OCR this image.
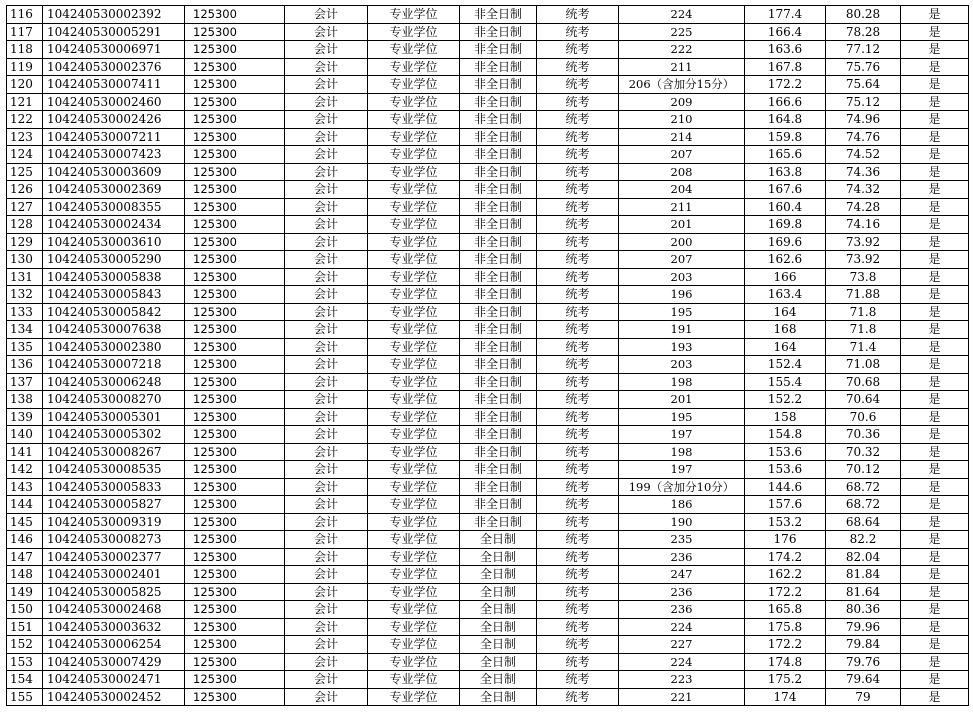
116	104240530002392	125300	会计	专业学位	非全日制	统考	224	177.4	80.28	是
117	104240530005291	125300	会计	专业学位	非全日制	统考	225	166.4	78.28	是
118	104240530006971	125300	会计	专业学位	非全日制	统考	222	163.6	77.12	是
119	104240530002376	125300	会计	专业学位	非全日制	统考	211	167.8	75.76	是
120	104240530007411	125300	会计	专业学位	非全日制	统考	206（含加分15分）	172.2	75.64	是
121	104240530002460	125300	会计	专业学位	非全日制	统考	209	166.6	75.12	是
122	104240530002426	125300	会计	专业学位	非全日制	统考	210	164.8	74.96	是
123	104240530007211	125300	会计	专业学位	非全日制	统考	214	159.8	74.76	是
124	104240530007423	125300	会计	专业学位	非全日制	统考	207	165.6	74.52	是
125	104240530003609	125300	会计	专业学位	非全日制	统考	208	163.8	74.36	是
126	104240530002369	125300	会计	专业学位	非全日制	统考	204	167.6	74.32	是
127	104240530008355	125300	会计	专业学位	非全日制	统考	211	160.4	74.28	是
128	104240530002434	125300	会计	专业学位	非全日制	统考	201	169.8	74.16	是
129	104240530003610	125300	会计	专业学位	非全日制	统考	200	169.6	73.92	是
130	104240530005290	125300	会计	专业学位	非全日制	统考	207	162.6	73.92	是
131	104240530005838	125300	会计	专业学位	非全日制	统考	203	166	73.8	是
132	104240530005843	125300	会计	专业学位	非全日制	统考	196	163.4	71.88	是
133	104240530005842	125300	会计	专业学位	非全日制	统考	195	164	71.8	是
134	104240530007638	125300	会计	专业学位	非全日制	统考	191	168	71.8	是
135	104240530002380	125300	会计	专业学位	非全日制	统考	193	164	71.4	是
136	104240530007218	125300	会计	专业学位	非全日制	统考	203	152.4	71.08	是
137	104240530006248	125300	会计	专业学位	非全日制	统考	198	155.4	70.68	是
138	104240530008270	125300	会计	专业学位	非全日制	统考	201	152.2	70.64	是
139	104240530005301	125300	会计	专业学位	非全日制	统考	195	158	70.6	是
140	104240530005302	125300	会计	专业学位	非全日制	统考	197	154.8	70.36	是
141	104240530008267	125300	会计	专业学位	非全日制	统考	198	153.6	70.32	是
142	104240530008535	125300	会计	专业学位	非全日制	统考	197	153.6	70.12	是
143	104240530005833	125300	会计	专业学位	非全日制	统考	199（含加分10分）	144.6	68.72	是
144	104240530005827	125300	会计	专业学位	非全日制	统考	186	157.6	68.72	是
145	104240530009319	125300	会计	专业学位	非全日制	统考	190	153.2	68.64	是
146	104240530008273	125300	会计	专业学位	全日制	统考	235	176	82.2	是
147	104240530002377	125300	会计	专业学位	全日制	统考	236	174.2	82.04	是
148	104240530002401	125300	会计	专业学位	全日制	统考	247	162.2	81.84	是
149	104240530005825	125300	会计	专业学位	全日制	统考	236	172.2	81.64	是
150	104240530002468	125300	会计	专业学位	全日制	统考	236	165.8	80.36	是
151	104240530003632	125300	会计	专业学位	全日制	统考	224	175.8	79.96	是
152	104240530006254	125300	会计	专业学位	全日制	统考	227	172.2	79.84	是
153	104240530007429	125300	会计	专业学位	全日制	统考	224	174.8	79.76	是
154	104240530002471	125300	会计	专业学位	全日制	统考	223	175.2	79.64	是
155	104240530002452	125300	会计	专业学位	全日制	统考	221	174	79	是
